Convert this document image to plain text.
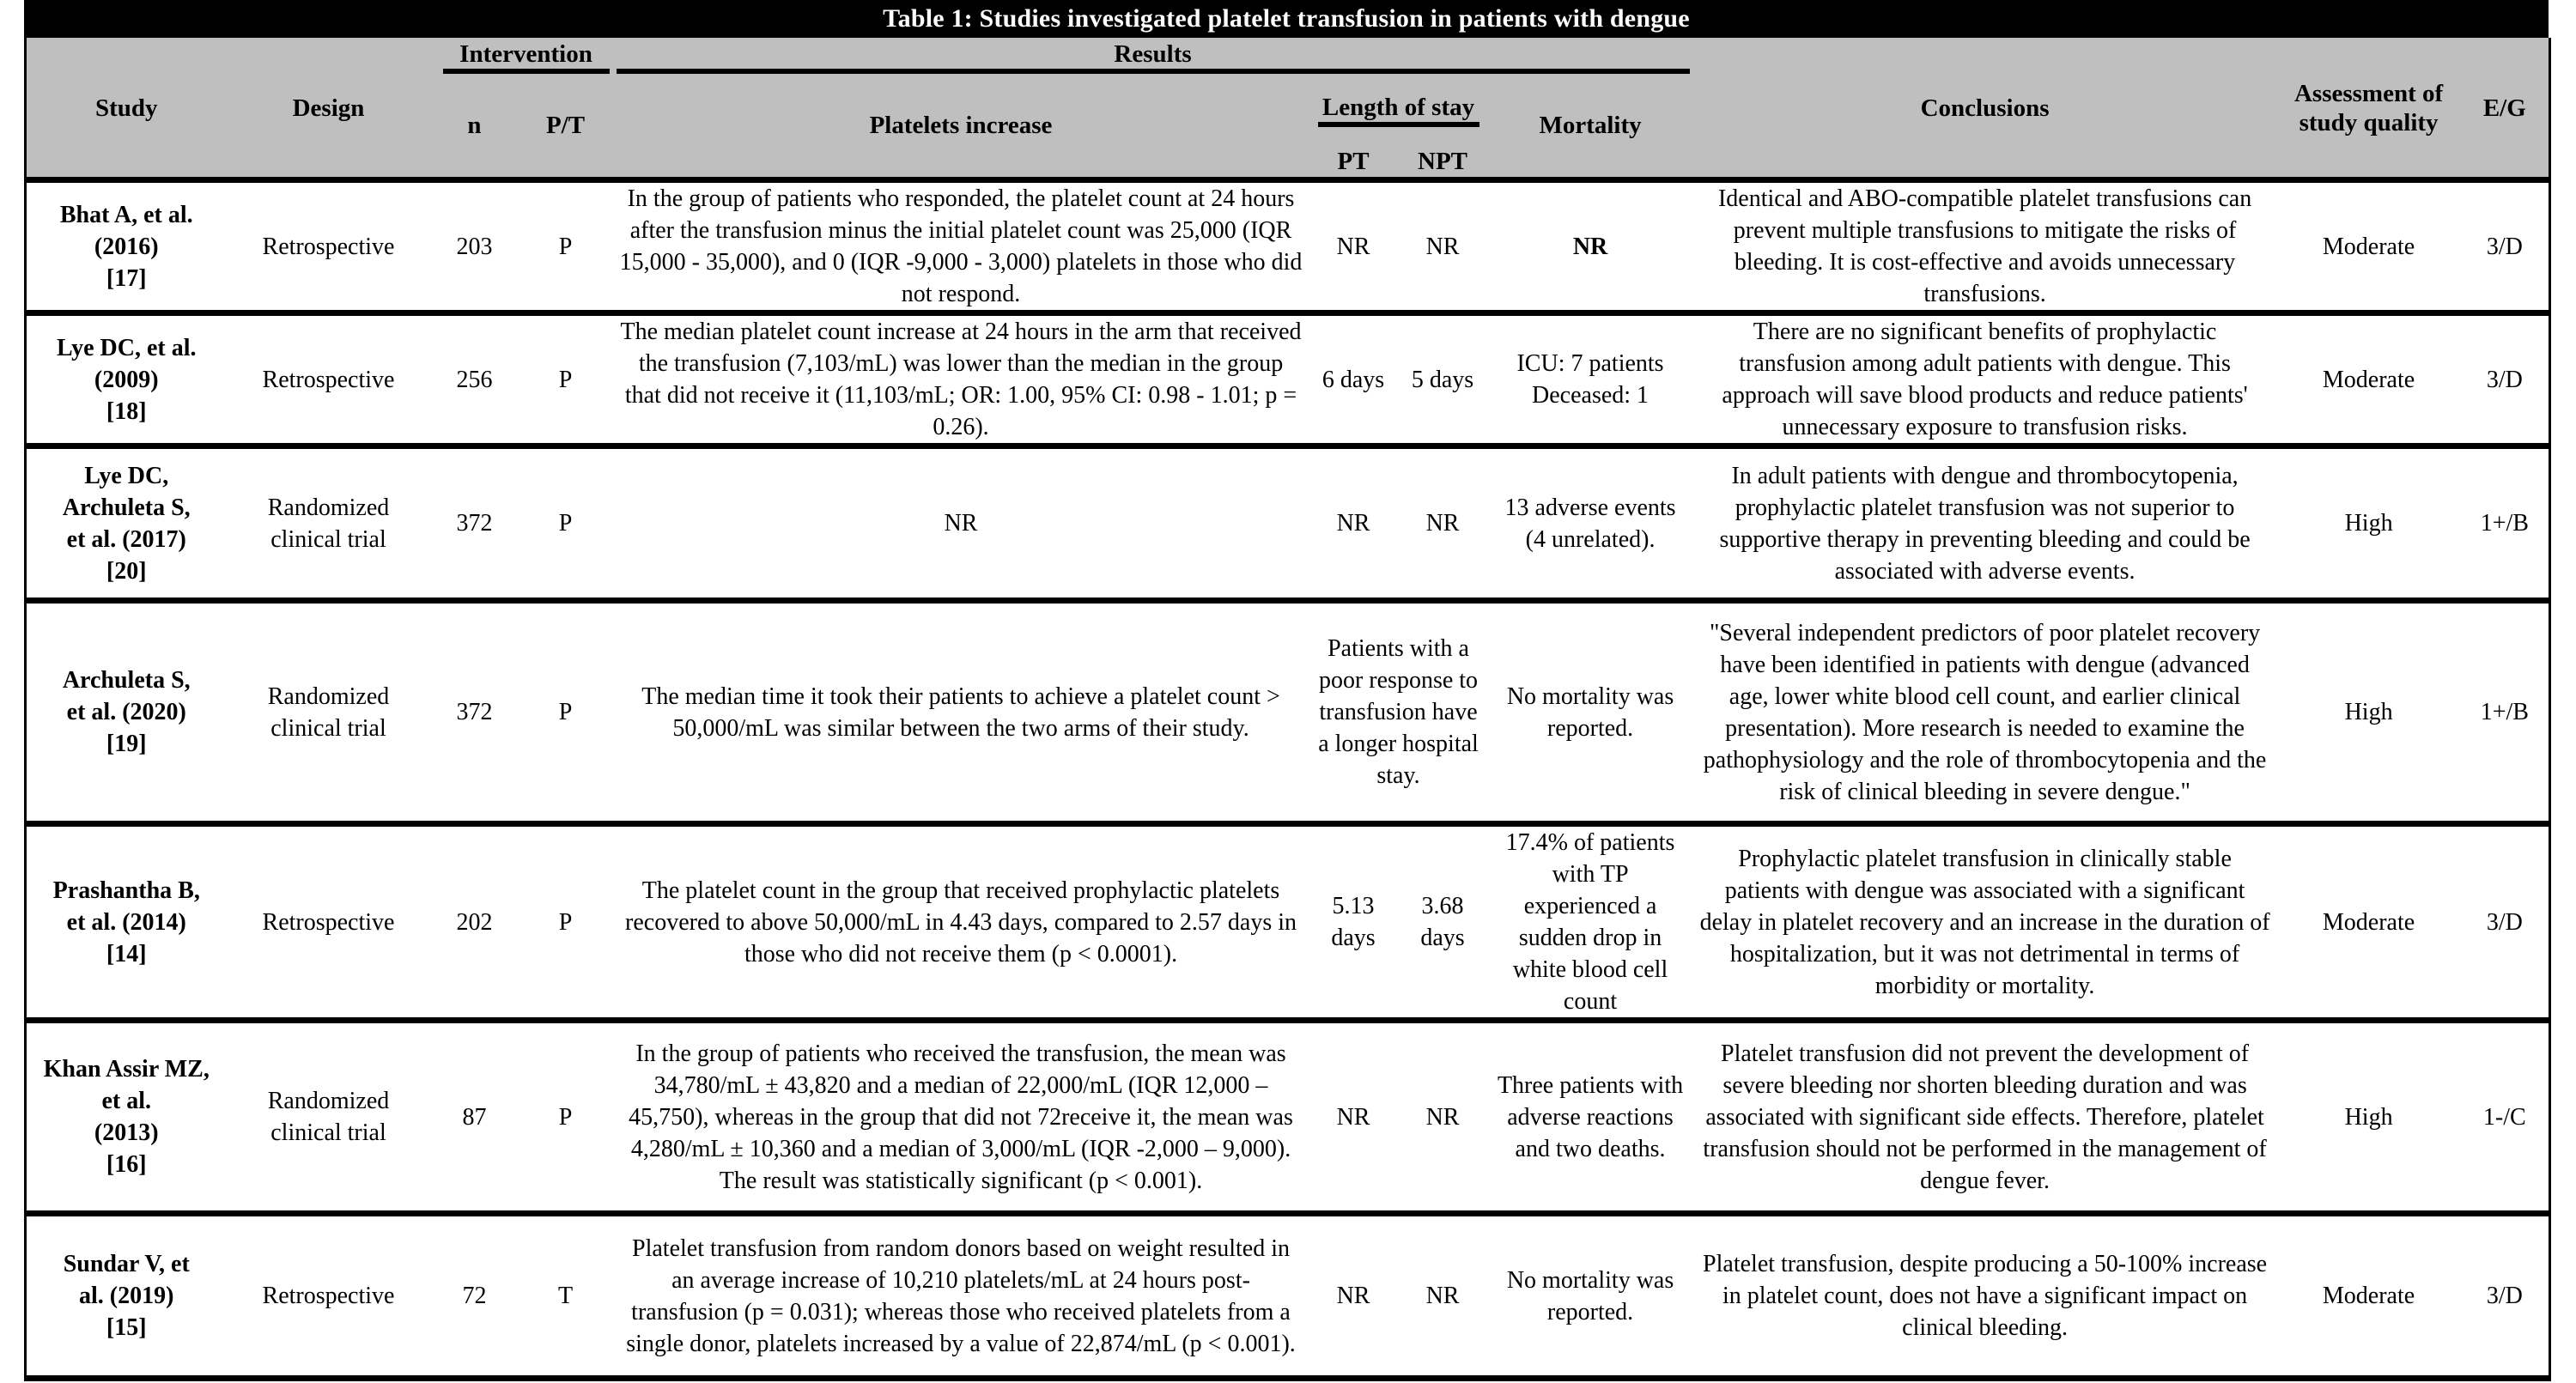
Table 1: Studies investigated platelet transfusion in patients with dengue
Study	Design	Intervention		Results				Conclusions	Assessment of study quality	E/G
		n	P/T	Platelets increase	Length of stay		Mortality			
					PT	NPT				

Bhat A, et al.
(2016)
[17]
	Retrospective	203	P	In the group of patients who responded, the platelet count at 24 hours after the transfusion minus the initial platelet count was 25,000 (IQR 15,000 - 35,000), and 0 (IQR -9,000 - 3,000) platelets in those who did not respond.	NR	NR	NR	Identical and ABO-compatible platelet transfusions can prevent multiple transfusions to mitigate the risks of bleeding. It is cost-effective and avoids unnecessary transfusions.	Moderate	3/D

Lye DC, et al.
(2009)
[18]
	Retrospective	256	P	The median platelet count increase at 24 hours in the arm that received the transfusion (7,103/mL) was lower than the median in the group that did not receive it (11,103/mL; OR: 1.00, 95% CI: 0.98 - 1.01; p = 0.26).	6 days	5 days	ICU: 7 patients Deceased: 1	There are no significant benefits of prophylactic transfusion among adult patients with dengue. This approach will save blood products and reduce patients' unnecessary exposure to transfusion risks.	Moderate	3/D

Lye DC, Archuleta S,
et al. (2017)
[20]	Randomized clinical trial	372	P	NR	NR	NR	13 adverse events (4 unrelated).	In adult patients with dengue and thrombocytopenia, prophylactic platelet transfusion was not superior to supportive therapy in preventing bleeding and could be associated with adverse events.	High	1+/B

Archuleta S,
et al. (2020)
[19]
	Randomized clinical trial	372	P	The median time it took their patients to achieve a platelet count > 50,000/mL was similar between the two arms of their study.	Patients with a poor response to transfusion have a longer hospital stay.	No mortality was reported.	"Several independent predictors of poor platelet recovery have been identified in patients with dengue (advanced age, lower white blood cell count, and earlier clinical presentation). More research is needed to examine the pathophysiology and the role of thrombocytopenia and the risk of clinical bleeding in severe dengue."	High	1+/B

Prashantha B,
et al. (2014)
[14]
	Retrospective	202	P	The platelet count in the group that received prophylactic platelets recovered to above 50,000/mL in 4.43 days, compared to 2.57 days in those who did not receive them (p < 0.0001).	5.13 days	3.68 days	17.4% of patients with TP experienced a sudden drop in white blood cell count	Prophylactic platelet transfusion in clinically stable patients with dengue was associated with a significant delay in platelet recovery and an increase in the duration of hospitalization, but it was not detrimental in terms of morbidity or mortality.	Moderate	3/D

Khan Assir MZ, et al.
(2013)
[16]
	Randomized clinical trial	87	P	In the group of patients who received the transfusion, the mean was 34,780/mL ± 43,820 and a median of 22,000/mL (IQR 12,000 – 45,750), whereas in the group that did not 72receive it, the mean was 4,280/mL ± 10,360 and a median of 3,000/mL (IQR -2,000 – 9,000). The result was statistically significant (p < 0.001).	NR	NR	Three patients with adverse reactions and two deaths.	Platelet transfusion did not prevent the development of severe bleeding nor shorten bleeding duration and was associated with significant side effects. Therefore, platelet transfusion should not be performed in the management of dengue fever.	High	1-/C

Sundar V, et
al. (2019)
[15]
	Retrospective	72	T	Platelet transfusion from random donors based on weight resulted in an average increase of 10,210 platelets/mL at 24 hours post-transfusion (p = 0.031); whereas those who received platelets from a single donor, platelets increased by a value of 22,874/mL (p < 0.001).	NR	NR	No mortality was reported.	Platelet transfusion, despite producing a 50-100% increase in platelet count, does not have a significant impact on clinical bleeding.	Moderate	3/D
